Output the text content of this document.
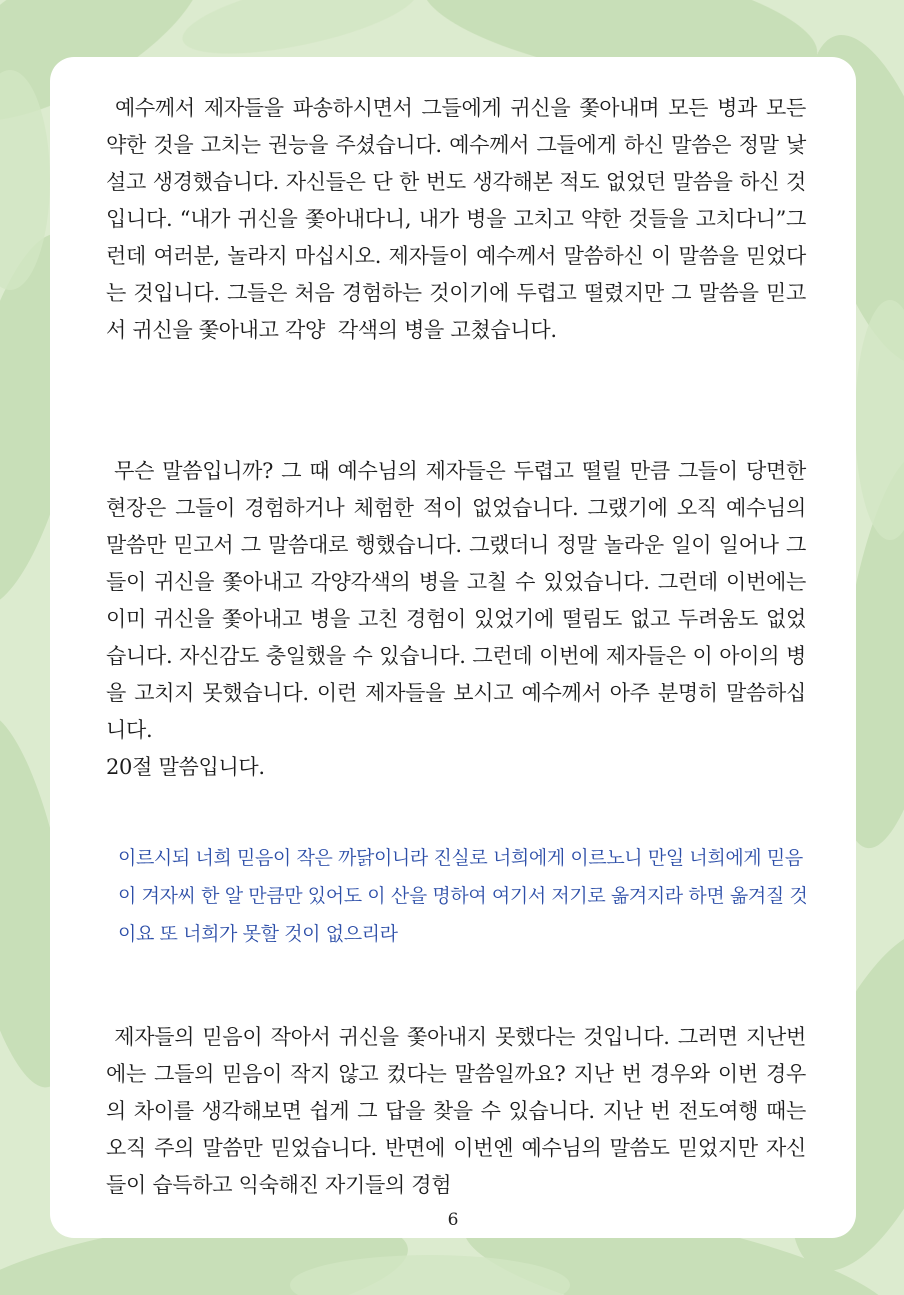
예수께서 제자들을 파송하시면서 그들에게 귀신을 쫓아내며 모든 병과 모든 약한 것을 고치는 권능을 주셨습니다. 예수께서 그들에게 하신 말씀은 정말 낯설고 생경했습니다. 자신들은 단 한 번도 생각해본 적도 없었던 말씀을 하신 것입니다. “내가 귀신을 쫓아내다니, 내가 병을 고치고 약한 것들을 고치다니”그런데 여러분, 놀라지 마십시오. 제자들이 예수께서 말씀하신 이 말씀을 믿었다는 것입니다. 그들은 처음 경험하는 것이기에 두렵고 떨렸지만 그 말씀을 믿고서 귀신을 쫓아내고 각양  각색의 병을 고쳤습니다.

무슨 말씀입니까? 그 때 예수님의 제자들은 두렵고 떨릴 만큼 그들이 당면한 현장은 그들이 경험하거나 체험한 적이 없었습니다. 그랬기에 오직 예수님의 말씀만 믿고서 그 말씀대로 행했습니다. 그랬더니 정말 놀라운 일이 일어나 그들이 귀신을 쫓아내고 각양각색의 병을 고칠 수 있었습니다. 그런데 이번에는 이미 귀신을 쫓아내고 병을 고친 경험이 있었기에 떨림도 없고 두려움도 없었습니다. 자신감도 충일했을 수 있습니다. 그런데 이번에 제자들은 이 아이의 병을 고치지 못했습니다. 이런 제자들을 보시고 예수께서 아주 분명히 말씀하십니다.
20절 말씀입니다.

이르시되 너희 믿음이 작은 까닭이니라 진실로 너희에게 이르노니 만일 너희에게 믿음이 겨자씨 한 알 만큼만 있어도 이 산을 명하여 여기서 저기로 옮겨지라 하면 옮겨질 것이요 또 너희가 못할 것이 없으리라

제자들의 믿음이 작아서 귀신을 쫓아내지 못했다는 것입니다. 그러면 지난번에는 그들의 믿음이 작지 않고 컸다는 말씀일까요? 지난 번 경우와 이번 경우의 차이를 생각해보면 쉽게 그 답을 찾을 수 있습니다. 지난 번 전도여행 때는 오직 주의 말씀만 믿었습니다. 반면에 이번엔 예수님의 말씀도 믿었지만 자신들이 습득하고 익숙해진 자기들의 경험

6
